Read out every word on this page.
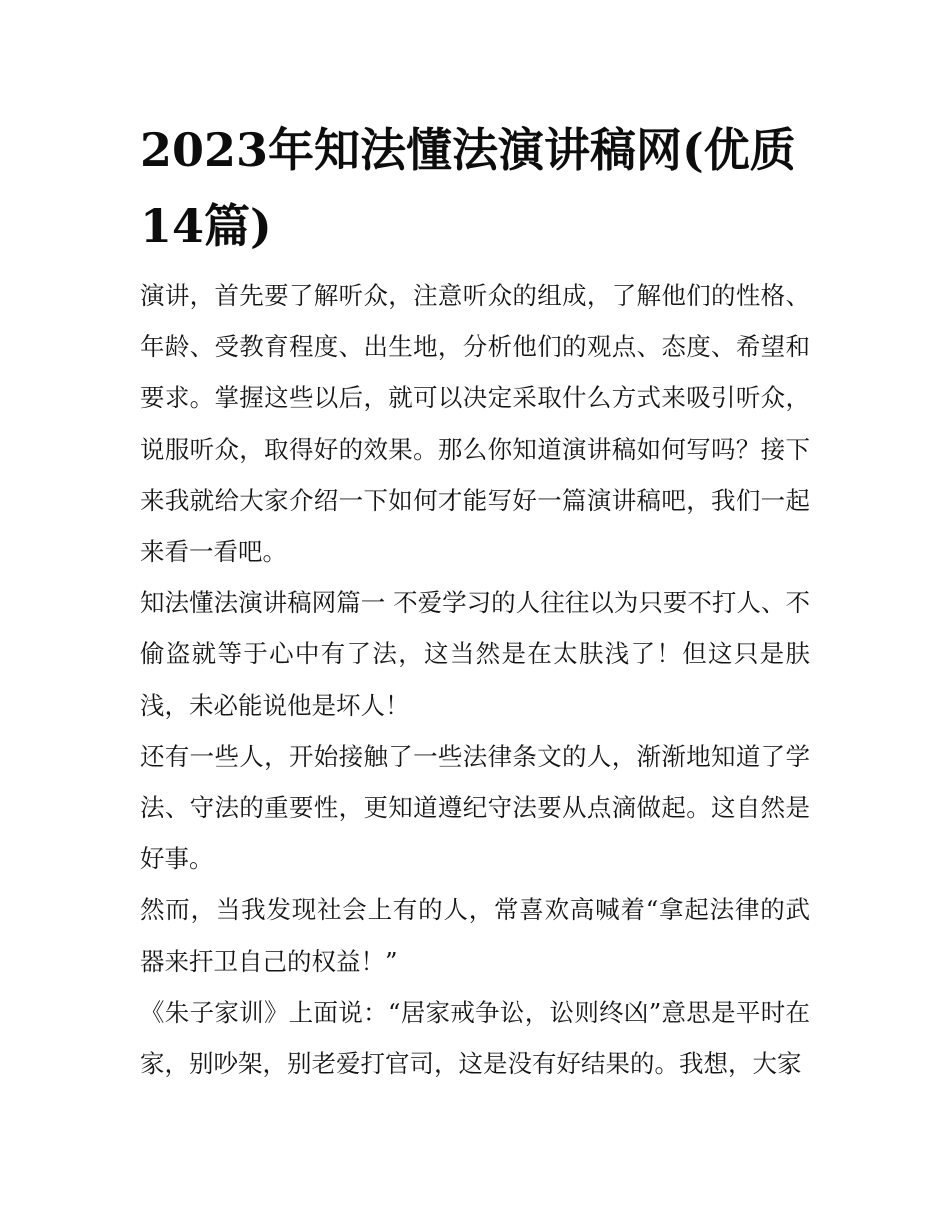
2023年知法懂法演讲稿网(优质14篇)

演讲，首先要了解听众，注意听众的组成，了解他们的性格、年龄、受教育程度、出生地，分析他们的观点、态度、希望和要求。掌握这些以后，就可以决定采取什么方式来吸引听众，说服听众，取得好的效果。那么你知道演讲稿如何写吗？接下来我就给大家介绍一下如何才能写好一篇演讲稿吧，我们一起来看一看吧。

知法懂法演讲稿网篇一 不爱学习的人往往以为只要不打人、不偷盗就等于心中有了法，这当然是在太肤浅了！但这只是肤浅，未必能说他是坏人！

还有一些人，开始接触了一些法律条文的人，渐渐地知道了学法、守法的重要性，更知道遵纪守法要从点滴做起。这自然是好事。

然而，当我发现社会上有的人，常喜欢高喊着“拿起法律的武器来扞卫自己的权益！”

《朱子家训》上面说：“居家戒争讼，讼则终凶”意思是平时在家，别吵架，别老爱打官司，这是没有好结果的。我想，大家
